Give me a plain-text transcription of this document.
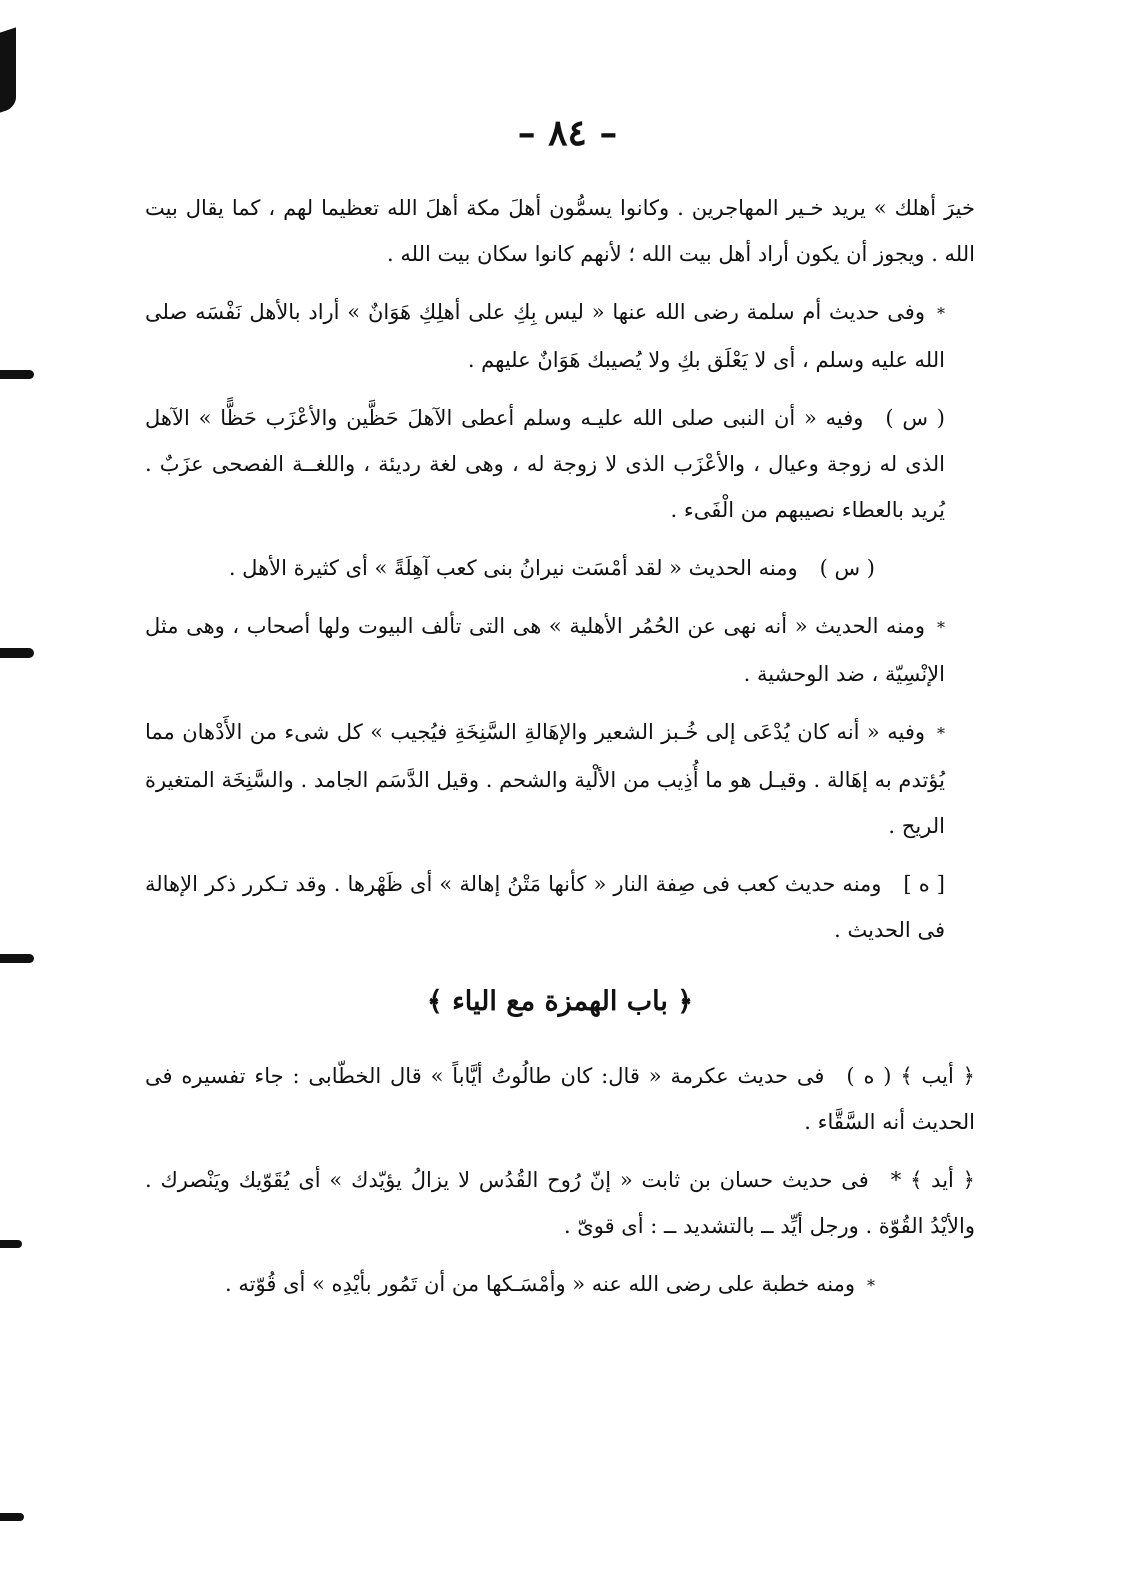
– ٨٤ –

خيرَ أهلك » يريد خـير المهاجرين . وكانوا يسمُّون أهلَ مكة أهلَ الله تعظيما لهم ، كما يقال بيت الله . ويجوز أن يكون أراد أهل بيت الله ؛ لأنهم كانوا سكان بيت الله .

*وفى حديث أم سلمة رضى الله عنها « ليس بِكِ على أهلِكِ هَوَانٌ » أراد بالأهل نَفْسَه صلى الله عليه وسلم ، أى لا يَعْلَق بكِ ولا يُصيبك هَوَانٌ عليهم .

( س )وفيه « أن النبى صلى الله عليـه وسلم أعطى الآهلَ حَظَّين والأعْزَب حَظًّا » الآهل الذى له زوجة وعيال ، والأعْزَب الذى لا زوجة له ، وهى لغة رديئة ، واللغــة الفصحى عزَبٌ . يُريد بالعطاء نصيبهم من الْفَىء .

( س )ومنه الحديث « لقد أمْسَت نيرانُ بنى كعب آهِلَةً » أى كثيرة الأهل .

*ومنه الحديث « أنه نهى عن الحُمُر الأهلية » هى التى تألف البيوت ولها أصحاب ، وهى مثل الإنْسِيّة ، ضد الوحشية .

*وفيه « أنه كان يُدْعَى إلى خُـبز الشعير والإهَالةِ السَّنِخَةِ فيُجيب » كل شىء من الأَدْهان مما يُؤتدم به إهَالة . وقيـل هو ما أُذِيب من الألْية والشحم . وقيل الدَّسَم الجامد . والسَّنِخَة المتغيرة الريح .

[ ه ]ومنه حديث كعب فى صِفة النار « كأنها مَتْنُ إهالة » أى ظَهْرها . وقد تـكرر ذكر الإهالة فى الحديث .

﴿ باب الهمزة مع الياء ﴾

﴿ أيب ﴾ ( ه )فى حديث عكرمة « قال: كان طالُوتُ أيَّاباً » قال الخطّابى : جاء تفسيره فى الحديث أنه السَّقَّاء .

﴿ أيد ﴾ *فى حديث حسان بن ثابت « إنّ رُوح القُدُس لا يزالُ يؤيّدك » أى يُقَوّيك ويَنْصرك . والأيْدُ القُوّة . ورجل أيِّد ــ بالتشديد ــ : أى قوىّ .

*ومنه خطبة على رضى الله عنه « وأمْسَـكها من أن تَمُور بأيْدِه » أى قُوّته .
